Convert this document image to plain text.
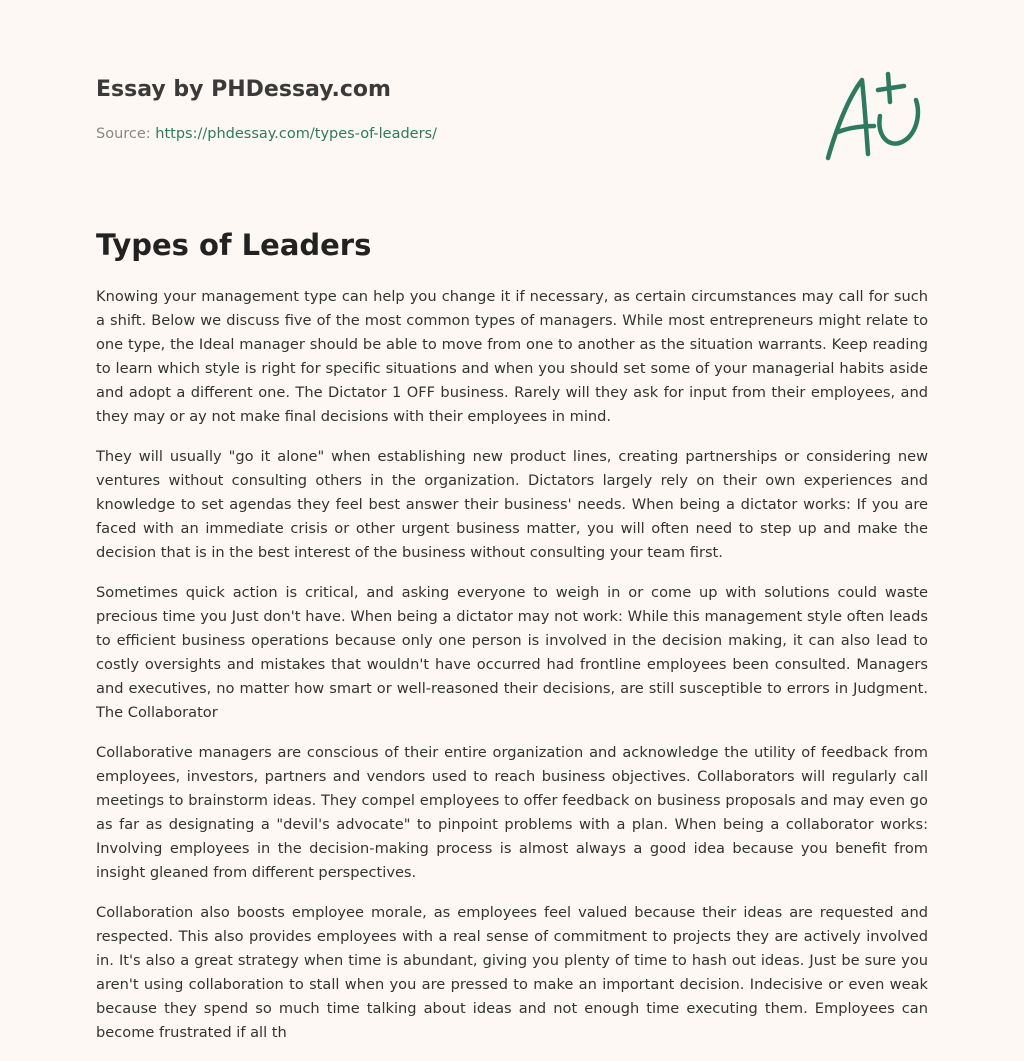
Essay by PHDessay.com
Source: https://phdessay.com/types-of-leaders/
Types of Leaders

Knowing your management type can help you change it if necessary, as certain circumstances may call for such a shift. Below we discuss five of the most common types of managers. While most entrepreneurs might relate to one type, the Ideal manager should be able to move from one to another as the situation warrants. Keep reading to learn which style is right for specific situations and when you should set some of your managerial habits aside and adopt a different one. The Dictator 1 OFF business. Rarely will they ask for input from their employees, and they may or ay not make final decisions with their employees in mind.

They will usually "go it alone" when establishing new product lines, creating partnerships or considering new ventures without consulting others in the organization. Dictators largely rely on their own experiences and knowledge to set agendas they feel best answer their business' needs. When being a dictator works: If you are faced with an immediate crisis or other urgent business matter, you will often need to step up and make the decision that is in the best interest of the business without consulting your team first.

Sometimes quick action is critical, and asking everyone to weigh in or come up with solutions could waste precious time you Just don't have. When being a dictator may not work: While this management style often leads to efficient business operations because only one person is involved in the decision making, it can also lead to costly oversights and mistakes that wouldn't have occurred had frontline employees been consulted. Managers and executives, no matter how smart or well-reasoned their decisions, are still susceptible to errors in Judgment. The Collaborator

Collaborative managers are conscious of their entire organization and acknowledge the utility of feedback from employees, investors, partners and vendors used to reach business objectives. Collaborators will regularly call meetings to brainstorm ideas. They compel employees to offer feedback on business proposals and may even go as far as designating a "devil's advocate" to pinpoint problems with a plan. When being a collaborator works: Involving employees in the decision-making process is almost always a good idea because you benefit from insight gleaned from different perspectives.

Collaboration also boosts employee morale, as employees feel valued because their ideas are requested and respected. This also provides employees with a real sense of commitment to projects they are actively involved in. It's also a great strategy when time is abundant, giving you plenty of time to hash out ideas. Just be sure you aren't using collaboration to stall when you are pressed to make an important decision. Indecisive or even weak because they spend so much time talking about ideas and not enough time executing them. Employees can become frustrated if all th
